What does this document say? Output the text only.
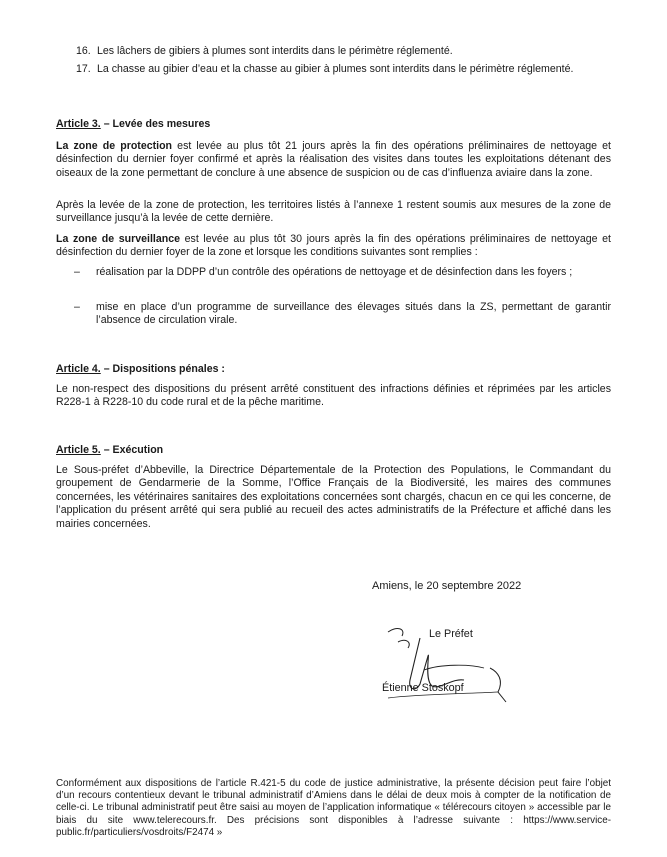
16. Les lâchers de gibiers à plumes sont interdits dans le périmètre réglementé.
17. La chasse au gibier d’eau et la chasse au gibier à plumes sont interdits dans le périmètre réglementé.
Article 3. – Levée des mesures
La zone de protection est levée au plus tôt 21 jours après la fin des opérations préliminaires de nettoyage et désinfection du dernier foyer confirmé et après la réalisation des visites dans toutes les exploitations détenant des oiseaux de la zone permettant de conclure à une absence de suspicion ou de cas d’influenza aviaire dans la zone.
Après la levée de la zone de protection, les territoires listés à l’annexe 1 restent soumis aux mesures de la zone de surveillance jusqu’à la levée de cette dernière.
La zone de surveillance est levée au plus tôt 30 jours après la fin des opérations préliminaires de nettoyage et désinfection du dernier foyer de la zone et lorsque les conditions suivantes sont remplies :
– réalisation par la DDPP d’un contrôle des opérations de nettoyage et de désinfection dans les foyers ;
– mise en place d’un programme de surveillance des élevages situés dans la ZS, permettant de garantir l’absence de circulation virale.
Article 4. – Dispositions pénales :
Le non-respect des dispositions du présent arrêté constituent des infractions définies et réprimées par les articles R228-1 à R228-10 du code rural et de la pêche maritime.
Article 5. – Exécution
Le Sous-préfet d’Abbeville, la Directrice Départementale de la Protection des Populations, le Commandant du groupement de Gendarmerie de la Somme, l’Office Français de la Biodiversité, les maires des communes concernées, les vétérinaires sanitaires des exploitations concernées sont chargés, chacun en ce qui les concerne, de l’application du présent arrêté qui sera publié au recueil des actes administratifs de la Préfecture et affiché dans les mairies concernées.
Amiens, le 20 septembre 2022
Le Préfet
Étienne Stoskopf
Conformément aux dispositions de l’article R.421-5 du code de justice administrative, la présente décision peut faire l’objet d’un recours contentieux devant le tribunal administratif d’Amiens dans le délai de deux mois à compter de la notification de celle-ci. Le tribunal administratif peut être saisi au moyen de l’application informatique « télérecours citoyen » accessible par le biais du site www.telerecours.fr. Des précisions sont disponibles à l’adresse suivante : https://www.service-public.fr/particuliers/vosdroits/F2474 »
